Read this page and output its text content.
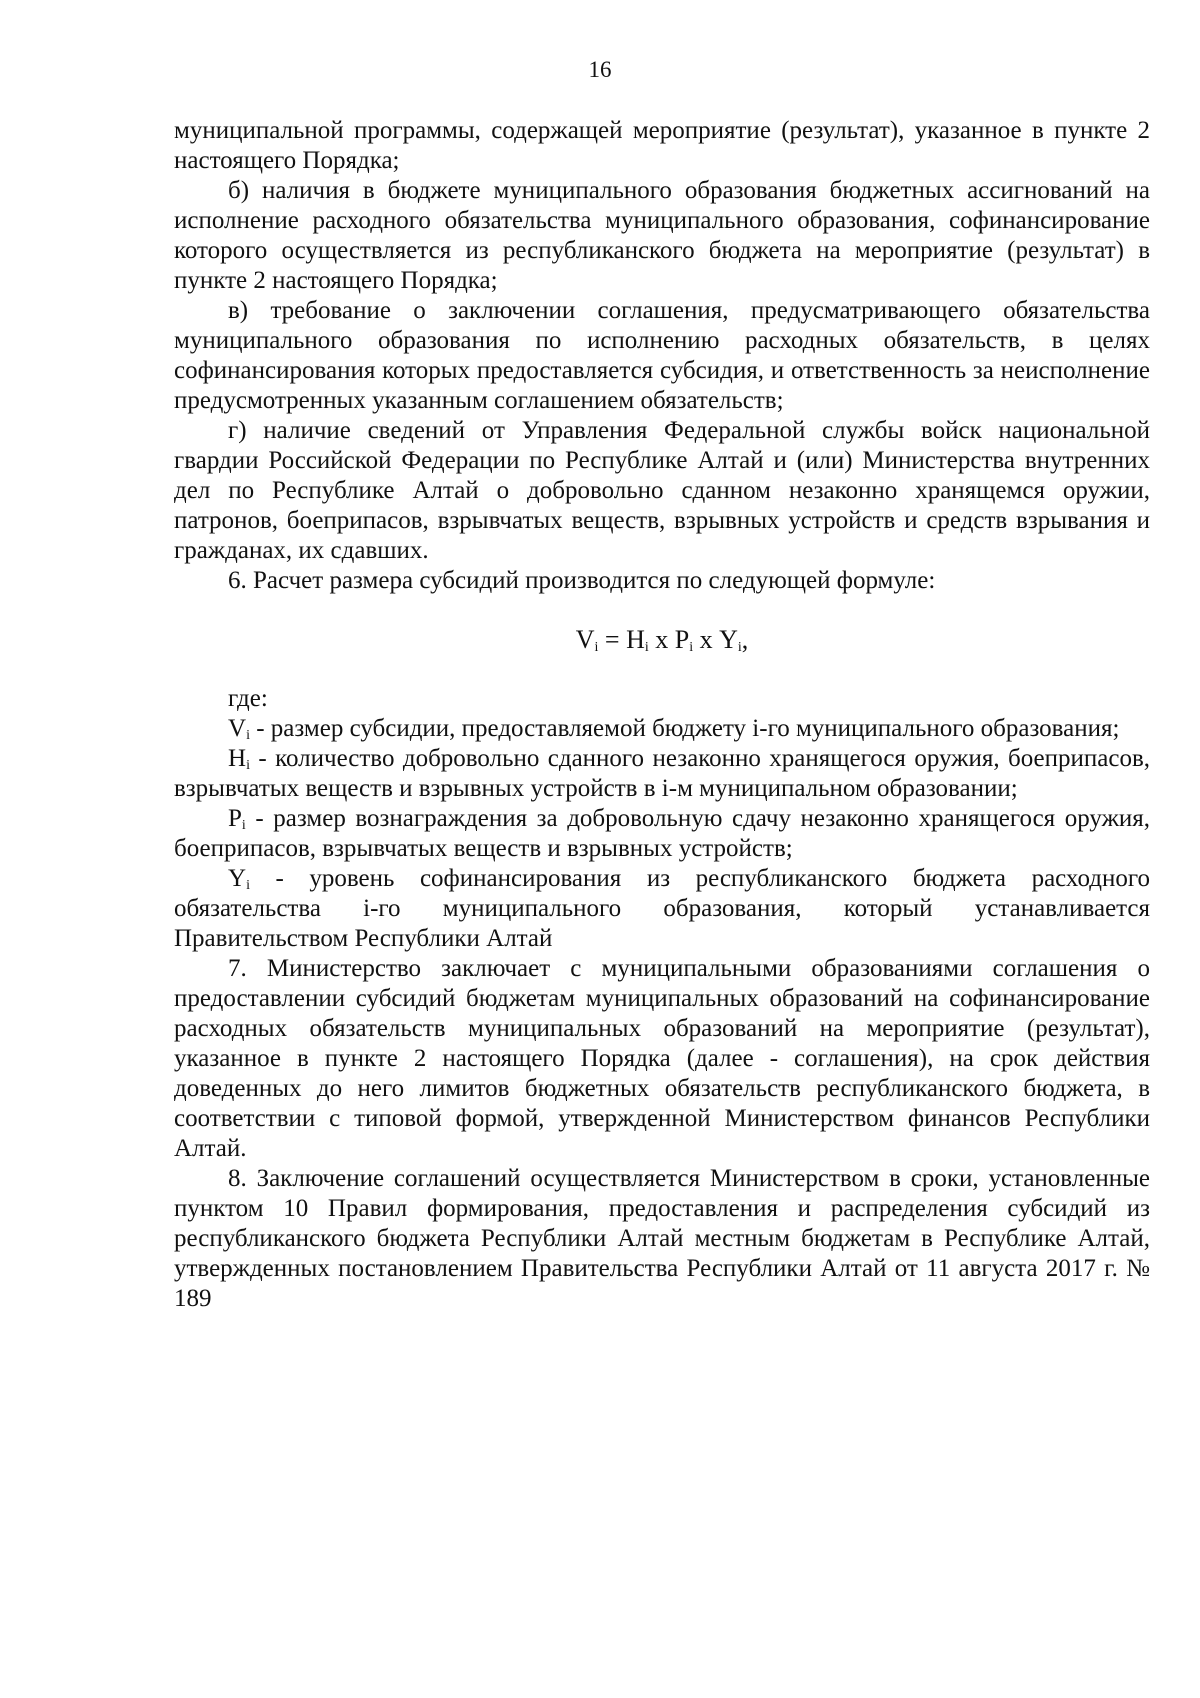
16

муниципальной программы, содержащей мероприятие (результат), указанное в пункте 2 настоящего Порядка;

б) наличия в бюджете муниципального образования бюджетных ассигнований на исполнение расходного обязательства муниципального образования, софинансирование которого осуществляется из республиканского бюджета на мероприятие (результат) в пункте 2 настоящего Порядка;

в) требование о заключении соглашения, предусматривающего обязательства муниципального образования по исполнению расходных обязательств, в целях софинансирования которых предоставляется субсидия, и ответственность за неисполнение предусмотренных указанным соглашением обязательств;

г) наличие сведений от Управления Федеральной службы войск национальной гвардии Российской Федерации по Республике Алтай и (или) Министерства внутренних дел по Республике Алтай о добровольно сданном незаконно хранящемся оружии, патронов, боеприпасов, взрывчатых веществ, взрывных устройств и средств взрывания и гражданах, их сдавших.

6. Расчет размера субсидий производится по следующей формуле:

$V_i = Н_i$ х $Р_i$ х $Y_i$,

где:

$V_i$ - размер субсидии, предоставляемой бюджету i-го муниципального образования;

$Н_i$ - количество добровольно сданного незаконно хранящегося оружия, боеприпасов, взрывчатых веществ и взрывных устройств в i-м муниципальном образовании;

$Р_i$ - размер вознаграждения за добровольную сдачу незаконно хранящегося оружия, боеприпасов, взрывчатых веществ и взрывных устройств;

$Y_i$ - уровень софинансирования из республиканского бюджета расходного обязательства i-го муниципального образования, который устанавливается Правительством Республики Алтай

7. Министерство заключает с муниципальными образованиями соглашения о предоставлении субсидий бюджетам муниципальных образований на софинансирование расходных обязательств муниципальных образований на мероприятие (результат), указанное в пункте 2 настоящего Порядка (далее - соглашения), на срок действия доведенных до него лимитов бюджетных обязательств республиканского бюджета, в соответствии с типовой формой, утвержденной Министерством финансов Республики Алтай.

8. Заключение соглашений осуществляется Министерством в сроки, установленные пунктом 10 Правил формирования, предоставления и распределения субсидий из республиканского бюджета Республики Алтай местным бюджетам в Республике Алтай, утвержденных постановлением Правительства Республики Алтай от 11 августа 2017 г. № 189
